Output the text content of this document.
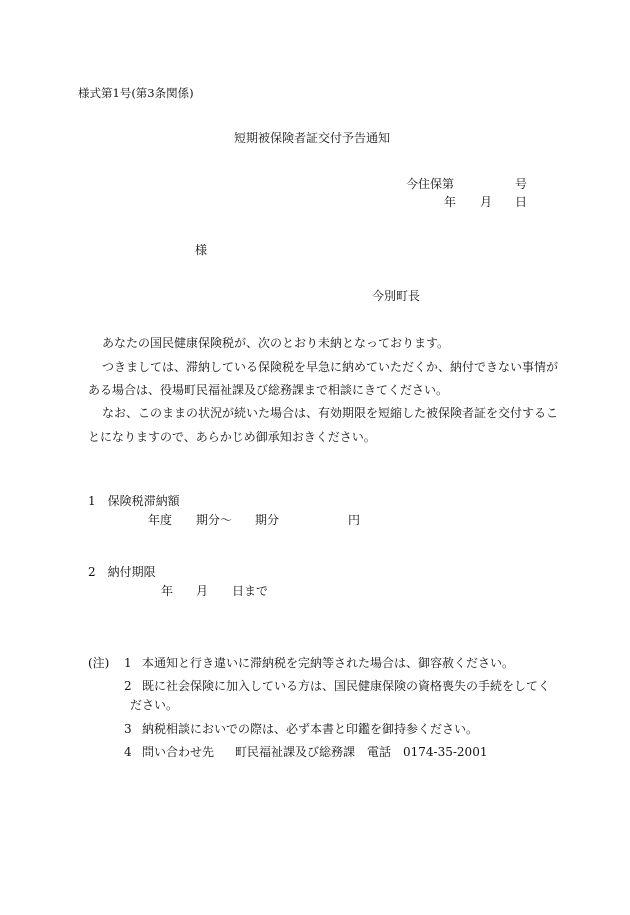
様式第1号(第3条関係)
短期被保険者証交付予告通知
今住保第	号
年 月 日
様
今別町長
あなたの国民健康保険税が、次のとおり未納となっております。
つきましては、滞納している保険税を早急に納めていただくか、納付できない事情が
ある場合は、役場町民福祉課及び総務課まで相談にきてください。
なお、このままの状況が続いた場合は、有効期限を短縮した被保険者証を交付するこ
とになりますので、あらかじめ御承知おきください。
1　保険税滞納額
年度 期分～ 期分	円
2　納付期限
年 月 日まで
(注) 1 本通知と行き違いに滞納税を完納等された場合は、御容赦ください。
2 既に社会保険に加入している方は、国民健康保険の資格喪失の手続をしてく
ださい。
3 納税相談においでの際は、必ず本書と印鑑を御持参ください。
4 問い合わせ先 町民福祉課及び総務課 電話 0174-35-2001
